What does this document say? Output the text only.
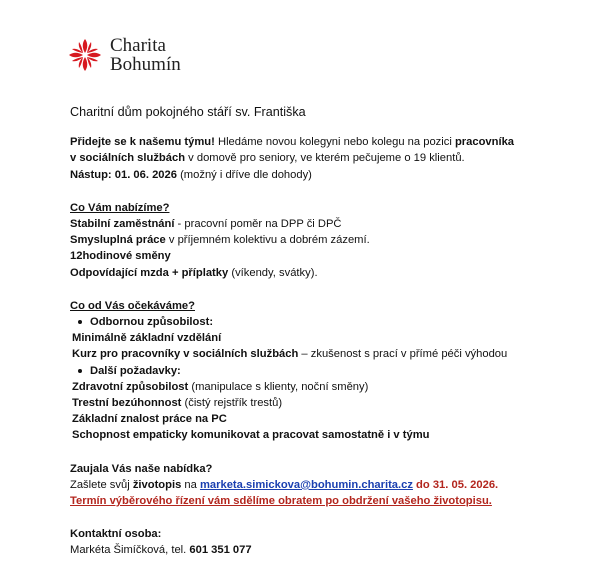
Charita
Bohumín
Charitní dům pokojného stáří sv. Františka

Přidejte se k našemu týmu! Hledáme novou kolegyni nebo kolegu na pozici pracovníka
v sociálních službách v domově pro seniory, ve kterém pečujeme o 19 klientů.

Nástup: 01. 06. 2026 (možný i dříve dle dohody)

Co Vám nabízíme?

Stabilní zaměstnání - pracovní poměr na DPP či DPČ

Smysluplná práce v příjemném kolektivu a dobrém zázemí.

12hodinové směny

Odpovídající mzda + příplatky (víkendy, svátky).

Co od Vás očekáváme?

Odbornou způsobilost:

Minimálně základní vzdělání

Kurz pro pracovníky v sociálních službách – zkušenost s prací v přímé péči výhodou

Další požadavky:

Zdravotní způsobilost (manipulace s klienty, noční směny)

Trestní bezúhonnost (čistý rejstřík trestů)

Základní znalost práce na PC

Schopnost empaticky komunikovat a pracovat samostatně i v týmu

Zaujala Vás naše nabídka?

Zašlete svůj životopis na marketa.simickova@bohumin.charita.cz do 31. 05. 2026.

Termín výběrového řízení vám sdělíme obratem po obdržení vašeho životopisu.

Kontaktní osoba:

Markéta Šimíčková, tel. 601 351 077
